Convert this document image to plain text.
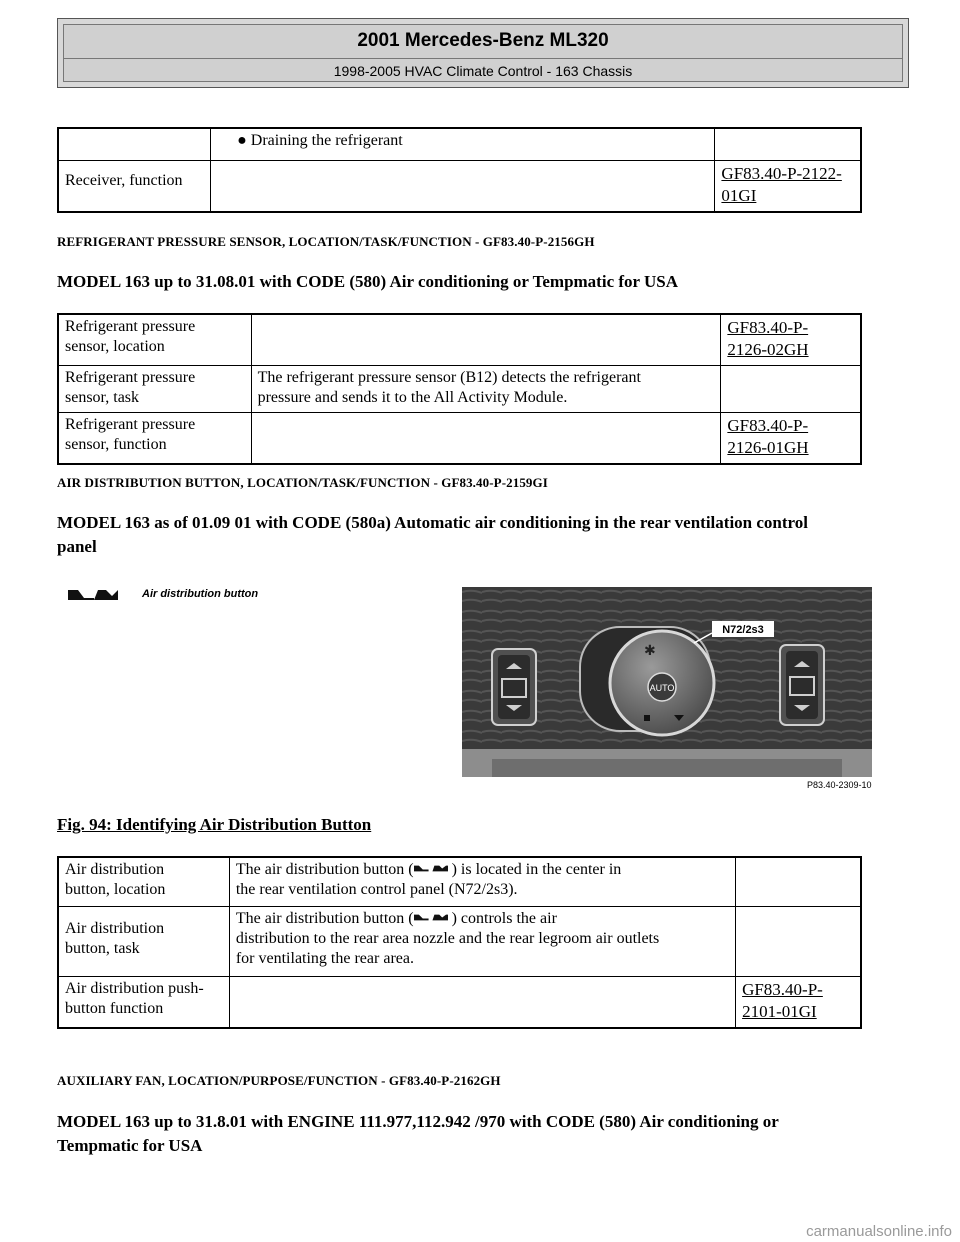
2001 Mercedes-Benz ML320
1998-2005 HVAC Climate Control - 163 Chassis
	● Draining the refrigerant	
Receiver, function		GF83.40-P-2122-
01GI
REFRIGERANT PRESSURE SENSOR, LOCATION/TASK/FUNCTION - GF83.40-P-2156GH
MODEL 163 up to 31.08.01 with CODE (580) Air conditioning or Tempmatic for USA
Refrigerant pressure
sensor, location		GF83.40-P-
2126-02GH
Refrigerant pressure
sensor, task	The refrigerant pressure sensor (B12) detects the refrigerant
pressure and sends it to the All Activity Module.	
Refrigerant pressure
sensor, function		GF83.40-P-
2126-01GH
AIR DISTRIBUTION BUTTON, LOCATION/TASK/FUNCTION - GF83.40-P-2159GI
MODEL 163 as of 01.09 01 with CODE (580a) Automatic air conditioning in the rear ventilation control
panel
Air distribution button
AUTO
✱
N72/2s3
P83.40-2309-10
Fig. 94: Identifying Air Distribution Button
Air distribution
button, location	The air distribution button ( ) is located in the center in
the rear ventilation control panel (N72/2s3).	
Air distribution
button, task	The air distribution button ( ) controls the air
distribution to the rear area nozzle and the rear legroom air outlets
for ventilating the rear area.	
Air distribution push-
button function		GF83.40-P-
2101-01GI
AUXILIARY FAN, LOCATION/PURPOSE/FUNCTION - GF83.40-P-2162GH
MODEL 163 up to 31.8.01 with ENGINE 111.977,112.942 /970 with CODE (580) Air conditioning or
Tempmatic for USA
carmanualsonline.info
